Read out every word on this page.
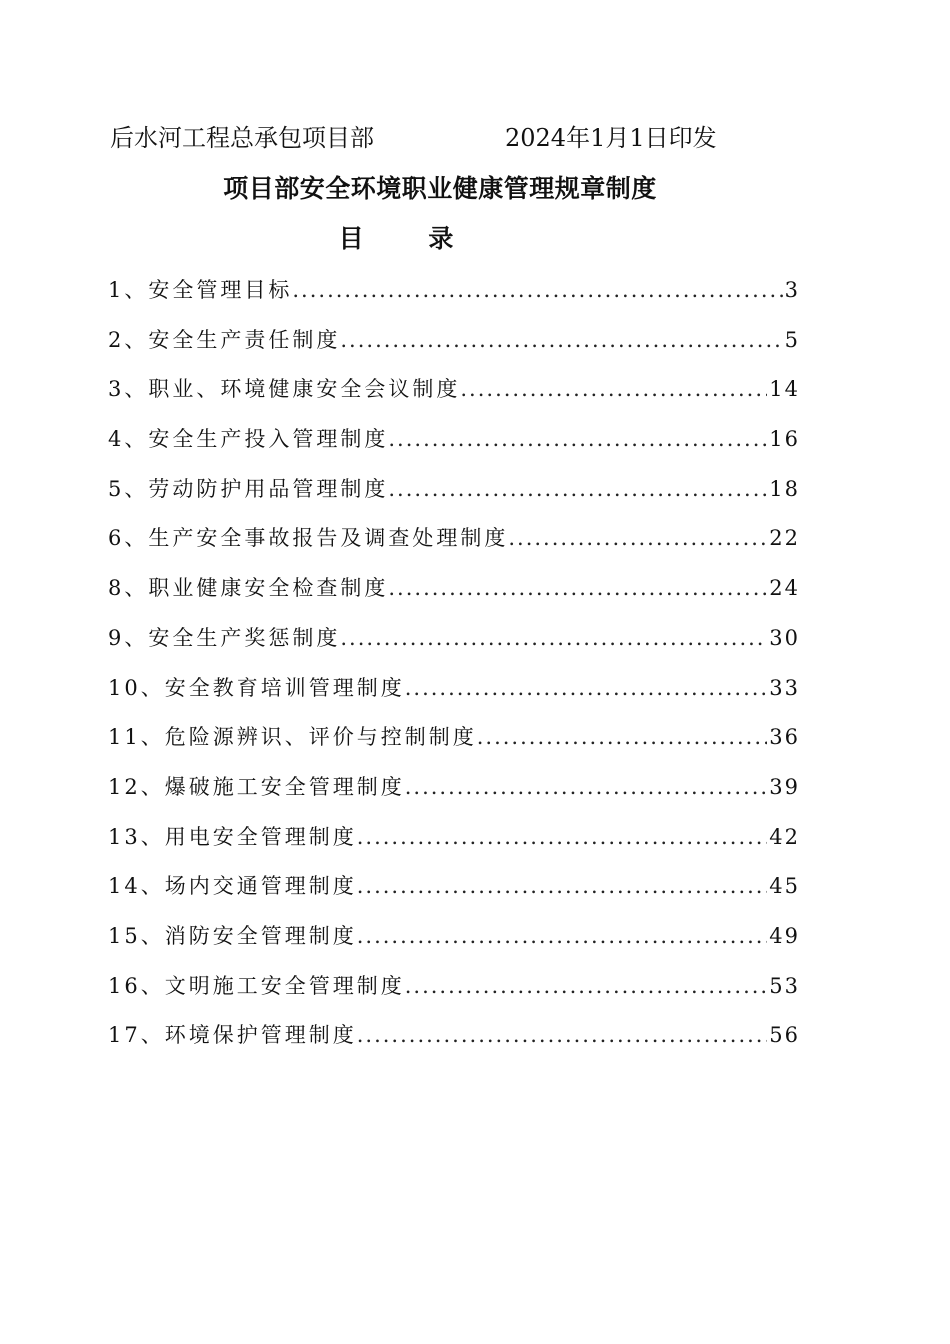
后水河工程总承包项目部	2024年1月1日印发
项目部安全环境职业健康管理规章制度
目 录
1、安全管理目标 .....	3
2、安全生产责任制度 .....	5
3、职业、环境健康安全会议制度 .....	14
4、安全生产投入管理制度 .....	16
5、劳动防护用品管理制度 .....	18
6、生产安全事故报告及调查处理制度 .....	22
8、职业健康安全检查制度 .....	24
9、安全生产奖惩制度 .....	30
10、安全教育培训管理制度 .....	33
11、危险源辨识、评价与控制制度 .....	36
12、爆破施工安全管理制度 .....	39
13、用电安全管理制度 .....	42
14、场内交通管理制度 .....	45
15、消防安全管理制度 .....	49
16、文明施工安全管理制度 .....	53
17、环境保护管理制度 .....	56
